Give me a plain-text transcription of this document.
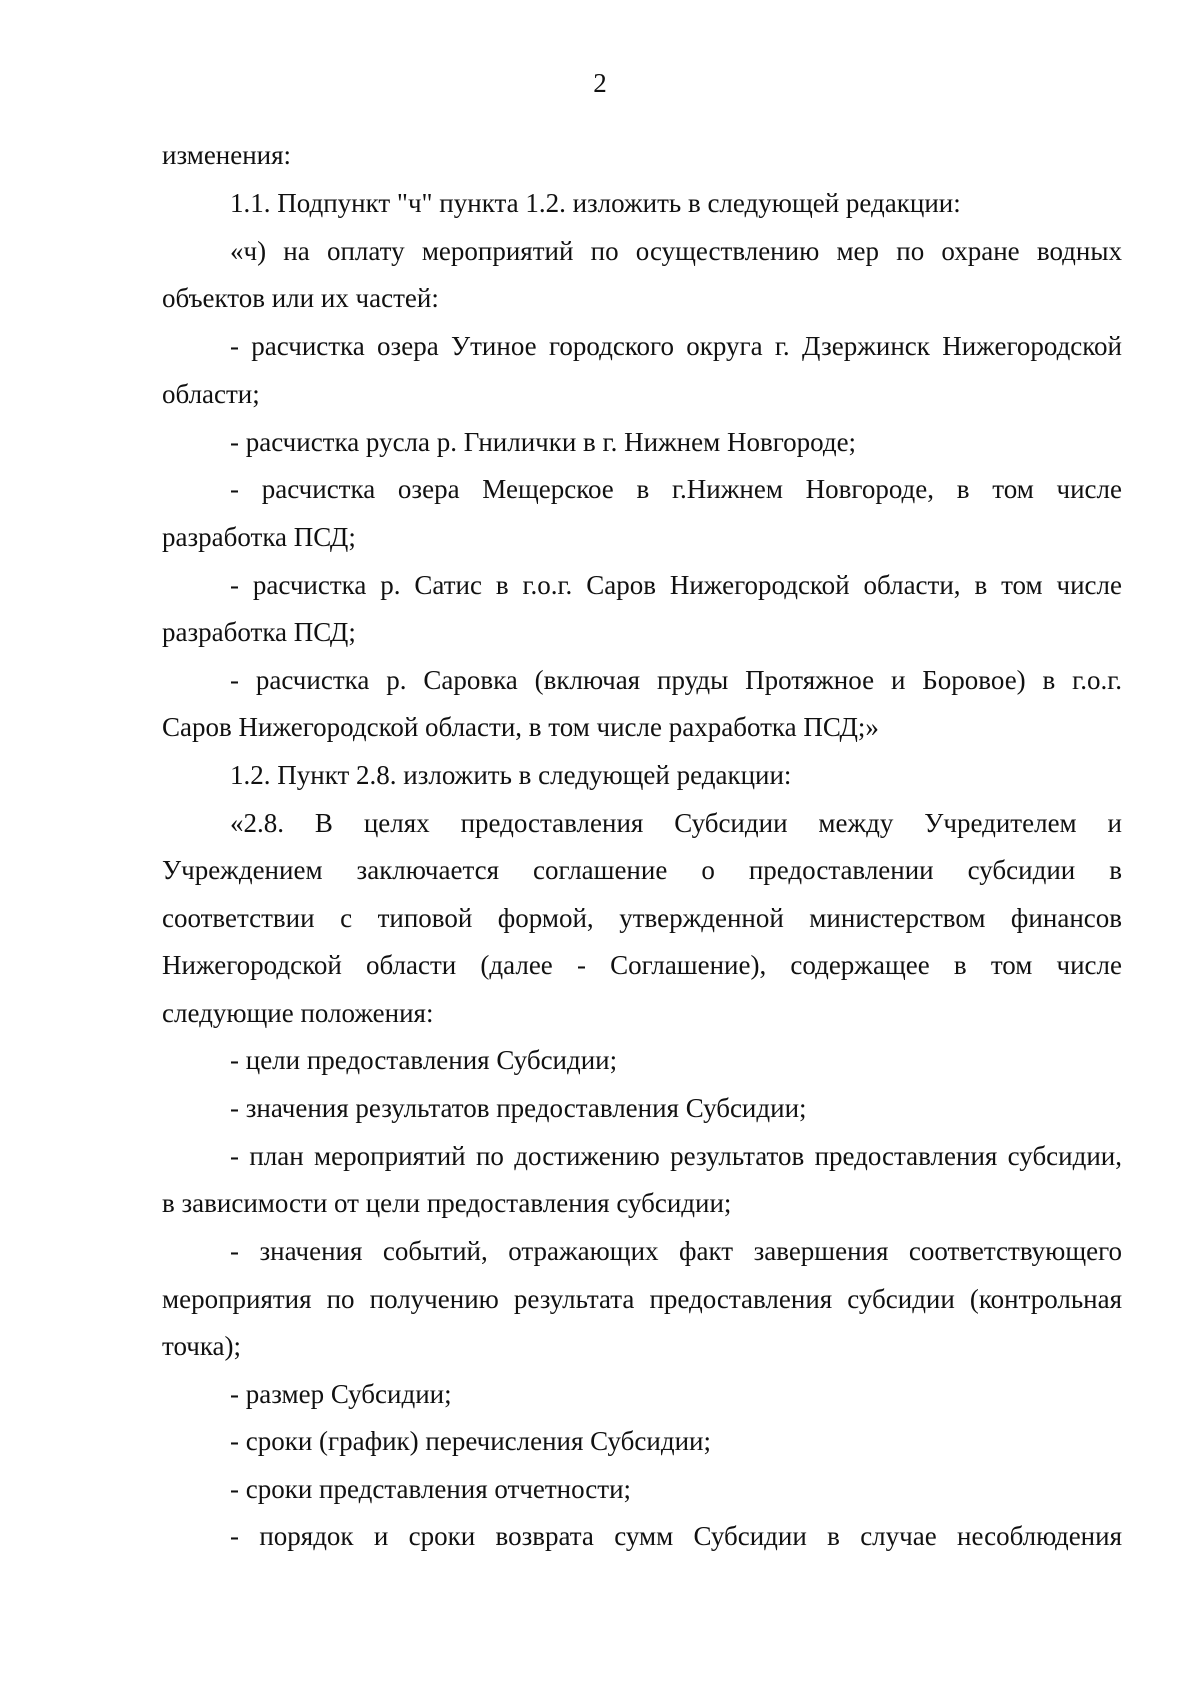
2
изменения:
1.1. Подпункт "ч" пункта 1.2. изложить в следующей редакции:
«ч) на оплату мероприятий по осуществлению мер по охране водных
объектов или их частей:
- расчистка озера Утиное городского округа г. Дзержинск Нижегородской
области;
- расчистка русла р. Гнилички в г. Нижнем Новгороде;
- расчистка озера Мещерское в г.Нижнем Новгороде, в том числе
разработка ПСД;
- расчистка р. Сатис в г.о.г. Саров Нижегородской области, в том числе
разработка ПСД;
- расчистка р. Саровка (включая пруды Протяжное и Боровое) в г.о.г.
Саров Нижегородской области, в том числе рахработка ПСД;»
1.2. Пункт 2.8. изложить в следующей редакции:
«2.8. В целях предоставления Субсидии между Учредителем и
Учреждением заключается соглашение о предоставлении субсидии в
соответствии с типовой формой, утвержденной министерством финансов
Нижегородской области (далее - Соглашение), содержащее в том числе
следующие положения:
- цели предоставления Субсидии;
- значения результатов предоставления Субсидии;
- план мероприятий по достижению результатов предоставления субсидии,
в зависимости от цели предоставления субсидии;
- значения событий, отражающих факт завершения соответствующего
мероприятия по получению результата предоставления субсидии (контрольная
точка);
- размер Субсидии;
- сроки (график) перечисления Субсидии;
- сроки представления отчетности;
- порядок и сроки возврата сумм Субсидии в случае несоблюдения
